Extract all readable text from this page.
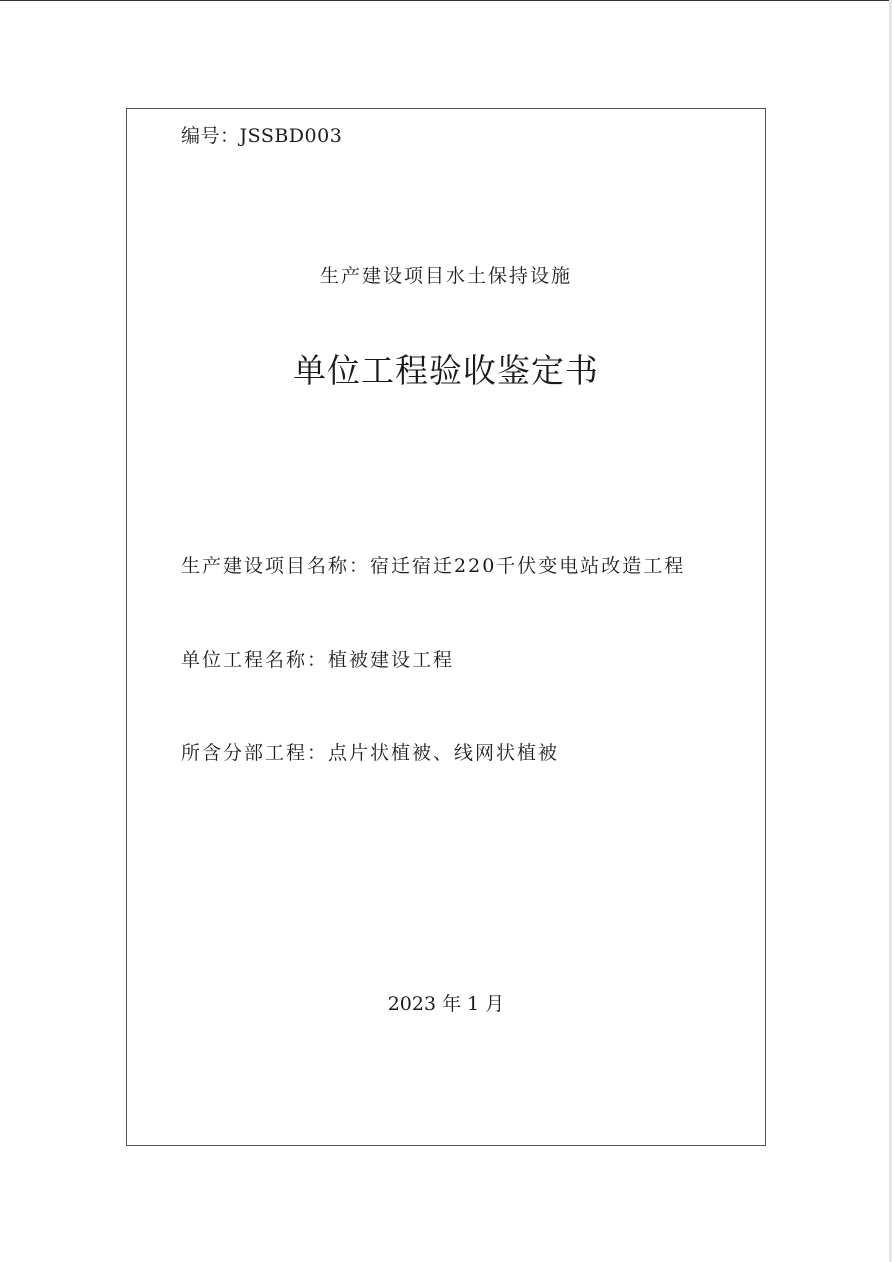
编号：JSSBD003
生产建设项目水土保持设施
单位工程验收鉴定书
生产建设项目名称：宿迁宿迁220千伏变电站改造工程
单位工程名称：植被建设工程
所含分部工程：点片状植被、线网状植被
2023 年 1 月
